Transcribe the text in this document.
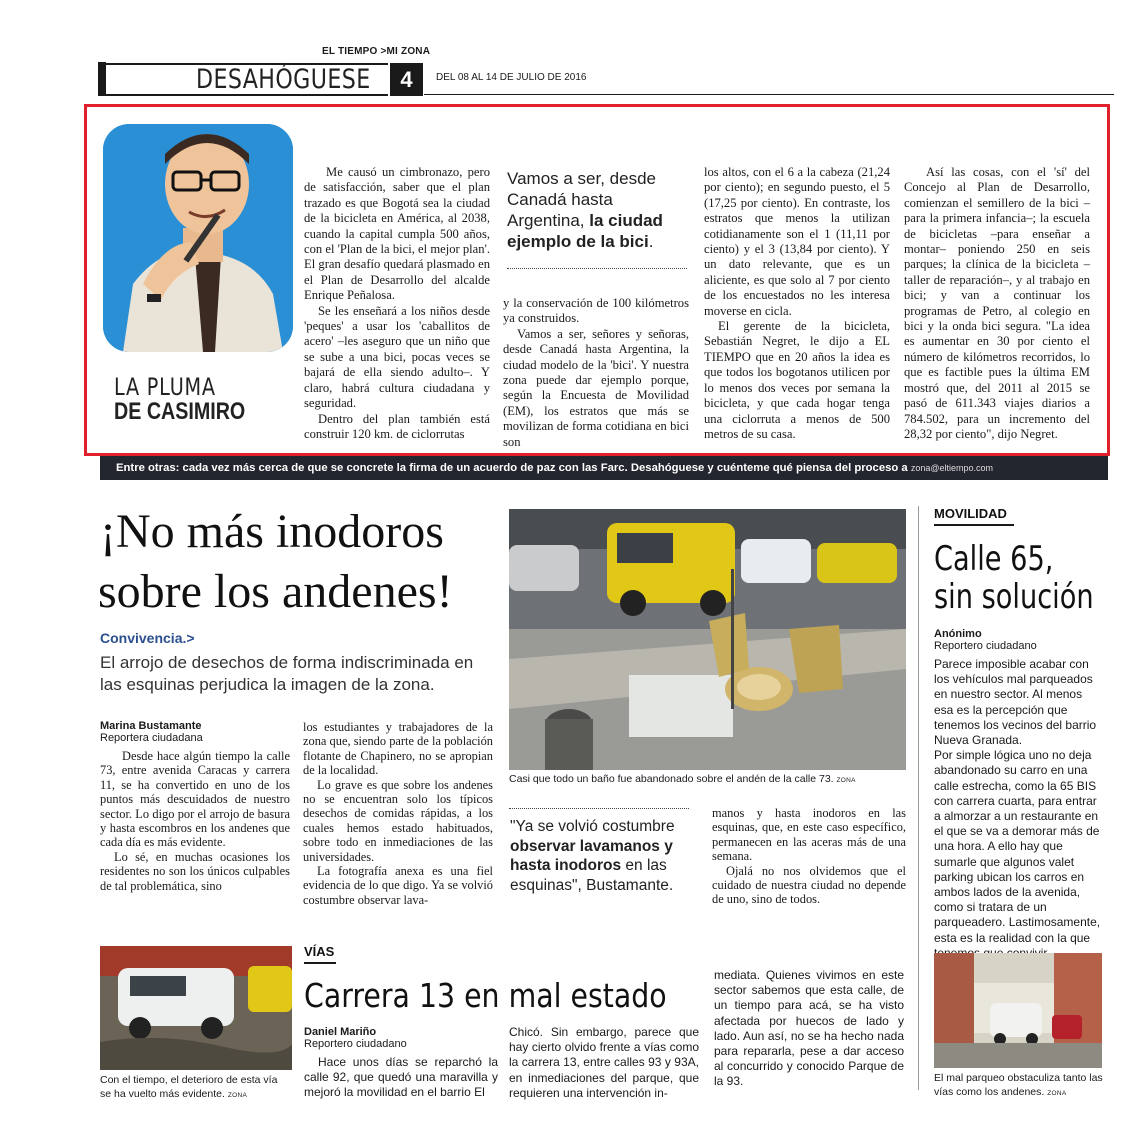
EL TIEMPO >MI ZONA
DESAHÓGUESE	4	DEL 08 AL 14 DE JULIO DE 2016
LA PLUMA
DE CASIMIRO

Me causó un cimbronazo, pero de satisfacción, saber que el plan trazado es que Bogotá sea la ciudad de la bicicleta en América, al 2038, cuando la capital cumpla 500 años, con el 'Plan de la bici, el mejor plan'. El gran desafío quedará plasmado en el Plan de Desarrollo del alcalde Enrique Peñalosa.

Se les enseñará a los niños desde 'peques' a usar los 'caballitos de acero' –les aseguro que un niño que se sube a una bici, pocas veces se bajará de ella siendo adulto–. Y claro, habrá cultura ciudadana y seguridad.

Dentro del plan también está construir 120 km. de ciclorrutas

Vamos a ser, desde Canadá hasta Argentina, la ciudad ejemplo de la bici.

y la conservación de 100 kilómetros ya construidos.

Vamos a ser, señores y señoras, desde Canadá hasta Argentina, la ciudad modelo de la 'bici'. Y nuestra zona puede dar ejemplo porque, según la Encuesta de Movilidad (EM), los estratos que más se movilizan de forma cotidiana en bici son

los altos, con el 6 a la cabeza (21,24 por ciento); en segundo puesto, el 5 (17,25 por ciento). En contraste, los estratos que menos la utilizan cotidianamente son el 1 (11,11 por ciento) y el 3 (13,84 por ciento). Y un dato relevante, que es un aliciente, es que solo al 7 por ciento de los encuestados no les interesa moverse en cicla.

El gerente de la bicicleta, Sebastián Negret, le dijo a EL TIEMPO que en 20 años la idea es que todos los bogotanos utilicen por lo menos dos veces por semana la bicicleta, y que cada hogar tenga una ciclorruta a menos de 500 metros de su casa.

Así las cosas, con el 'sí' del Concejo al Plan de Desarrollo, comienzan el semillero de la bici –para la primera infancia–; la escuela de bicicletas –para enseñar a montar– poniendo 250 en seis parques; la clínica de la bicicleta –taller de reparación–, y al trabajo en bici; y van a continuar los programas de Petro, al colegio en bici y la onda bici segura. "La idea es aumentar en 30 por ciento el número de kilómetros recorridos, lo que es factible pues la última EM mostró que, del 2011 al 2015 se pasó de 611.343 viajes diarios a 784.502, para un incremento del 28,32 por ciento", dijo Negret.

Entre otras: cada vez más cerca de que se concrete la firma de un acuerdo de paz con las Farc. Desahóguese y cuénteme qué piensa del proceso a zona@eltiempo.com
¡No más inodoros
sobre los andenes!
Convivencia.>
El arrojo de desechos de forma indiscriminada en las esquinas perjudica la imagen de la zona.
Marina Bustamante
Reportera ciudadana

Desde hace algún tiempo la calle 73, entre avenida Caracas y carrera 11, se ha convertido en uno de los puntos más descuidados de nuestro sector. Lo digo por el arrojo de basura y hasta escombros en los andenes que cada día es más evidente.

Lo sé, en muchas ocasiones los residentes no son los únicos culpables de tal problemática, sino

los estudiantes y trabajadores de la zona que, siendo parte de la población flotante de Chapinero, no se apropian de la localidad.

Lo grave es que sobre los andenes no se encuentran solo los típicos desechos de comidas rápidas, a los cuales hemos estado habituados, sobre todo en inmediaciones de las universidades.

La fotografía anexa es una fiel evidencia de lo que digo. Ya se volvió costumbre observar lava-

Casi que todo un baño fue abandonado sobre el andén de la calle 73. ZONA
"Ya se volvió costumbre observar lavamanos y hasta inodoros en las esquinas", Bustamante.

manos y hasta inodoros en las esquinas, que, en este caso específico, permanecen en las aceras más de una semana.

Ojalá no nos olvidemos que el cuidado de nuestra ciudad no depende de uno, sino de todos.

MOVILIDAD
Calle 65,
sin solución
Anónimo
Reportero ciudadano

Parece imposible acabar con los vehículos mal parqueados en nuestro sector. Al menos esa es la percepción que tenemos los vecinos del barrio Nueva Granada.

Por simple lógica uno no deja abandonado su carro en una calle estrecha, como la 65 BIS con carrera cuarta, para entrar a almorzar a un restaurante en el que se va a demorar más de una hora. A ello hay que sumarle que algunos valet parking ubican los carros en ambos lados de la avenida, como si tratara de un parqueadero. Lastimosamente, esta es la realidad con la que

El mal parqueo obstaculiza tanto las vías como los andenes. ZONA
VÍAS
Carrera 13 en mal estado
Con el tiempo, el deterioro de esta vía se ha vuelto más evidente. ZONA
Daniel Mariño
Reportero ciudadano

Hace unos días se reparchó la calle 92, que quedó una maravilla y mejoró la movilidad en el barrio El

Chicó. Sin embargo, parece que hay cierto olvido frente a vías como la carrera 13, entre calles 93 y 93A, en inmediaciones del parque, que requieren una intervención in-

mediata. Quienes vivimos en este sector sabemos que esta calle, de un tiempo para acá, se ha visto afectada por huecos de lado y lado. Aun así, no se ha hecho nada para repararla, pese a dar acceso al concurrido y conocido Parque de la 93.
